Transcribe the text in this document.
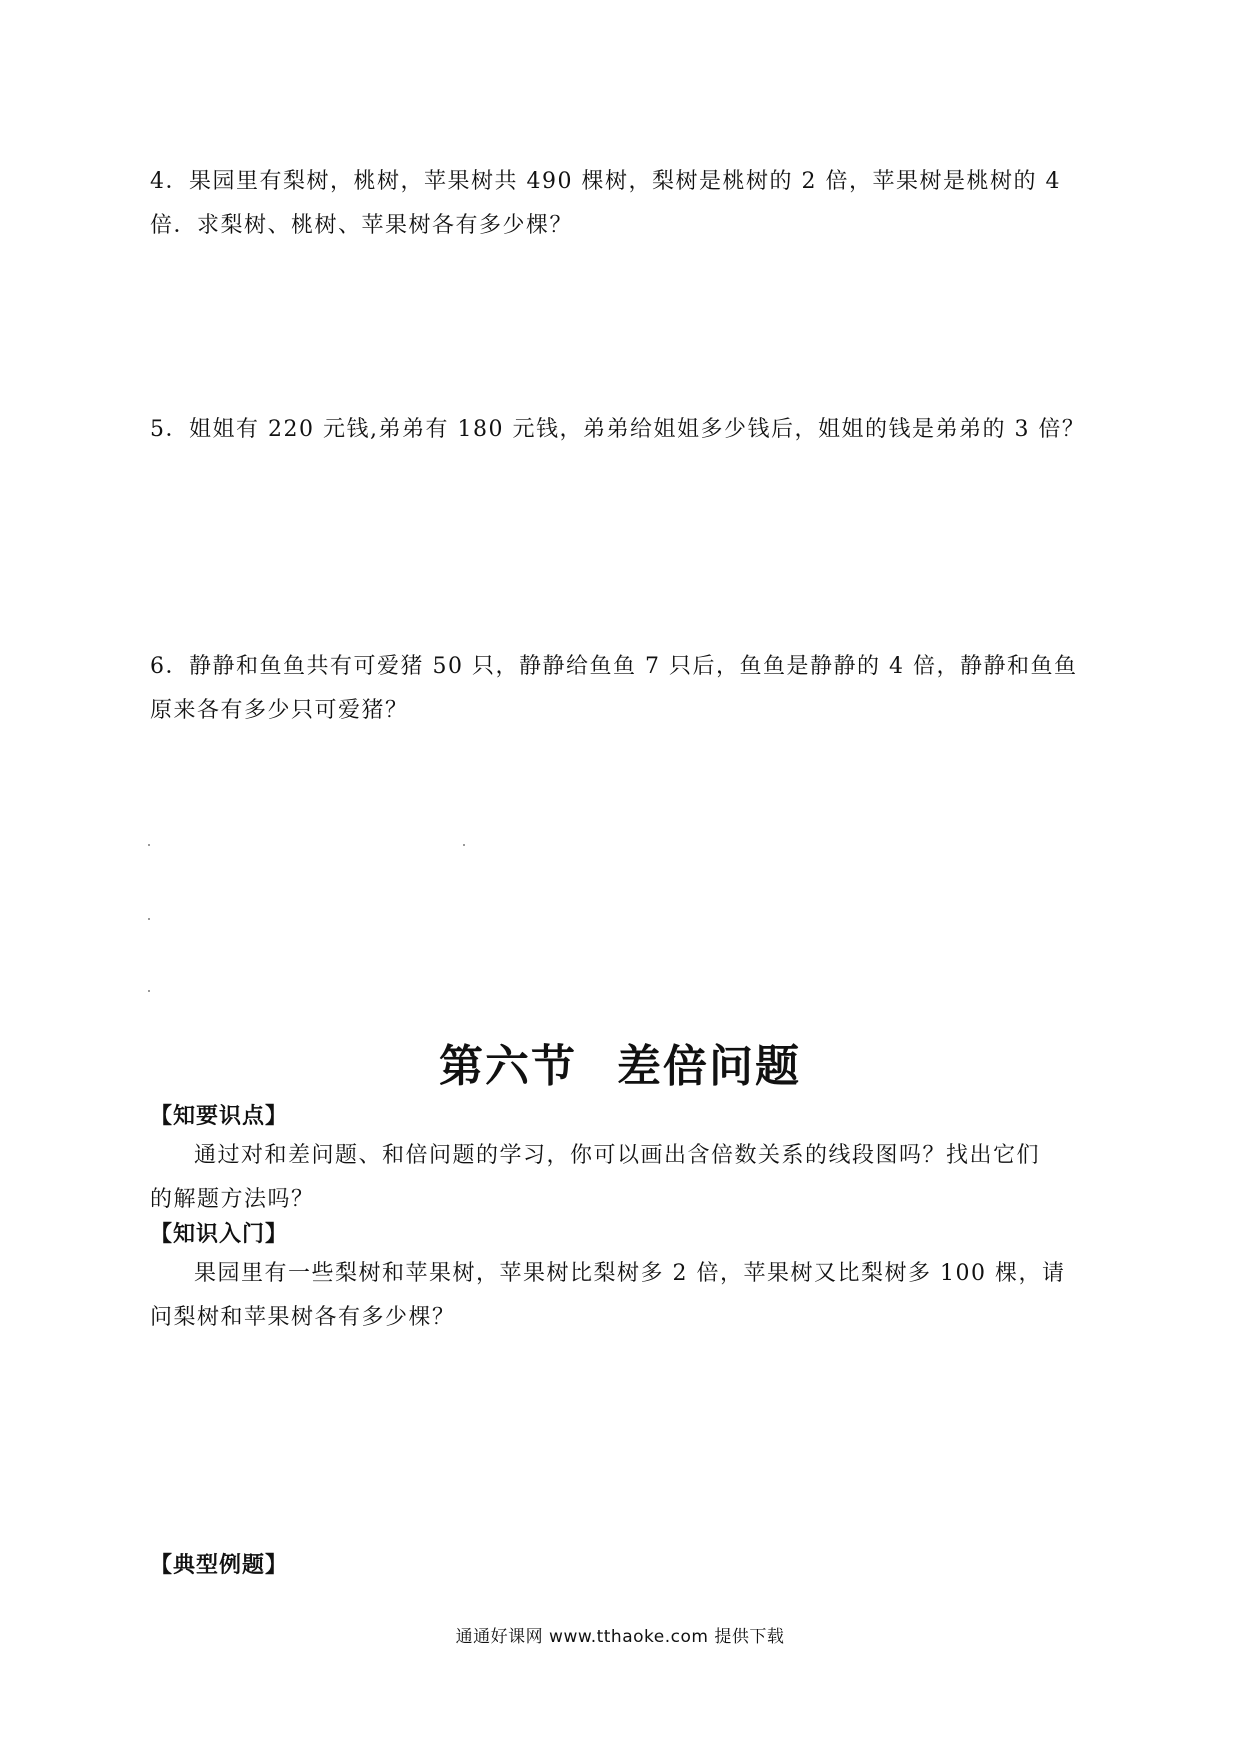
4．果园里有梨树，桃树，苹果树共 490 棵树，梨树是桃树的 2 倍，苹果树是桃树的 4
倍．求梨树、桃树、苹果树各有多少棵？
5．姐姐有 220 元钱,弟弟有 180 元钱，弟弟给姐姐多少钱后，姐姐的钱是弟弟的 3 倍？
6．静静和鱼鱼共有可爱猪 50 只，静静给鱼鱼 7 只后，鱼鱼是静静的 4 倍，静静和鱼鱼
原来各有多少只可爱猪？
第六节 差倍问题
【知要识点】
通过对和差问题、和倍问题的学习，你可以画出含倍数关系的线段图吗？找出它们
的解题方法吗？
【知识入门】
果园里有一些梨树和苹果树，苹果树比梨树多 2 倍，苹果树又比梨树多 100 棵，请
问梨树和苹果树各有多少棵？
【典型例题】
通通好课网 www.tthaoke.com 提供下载
